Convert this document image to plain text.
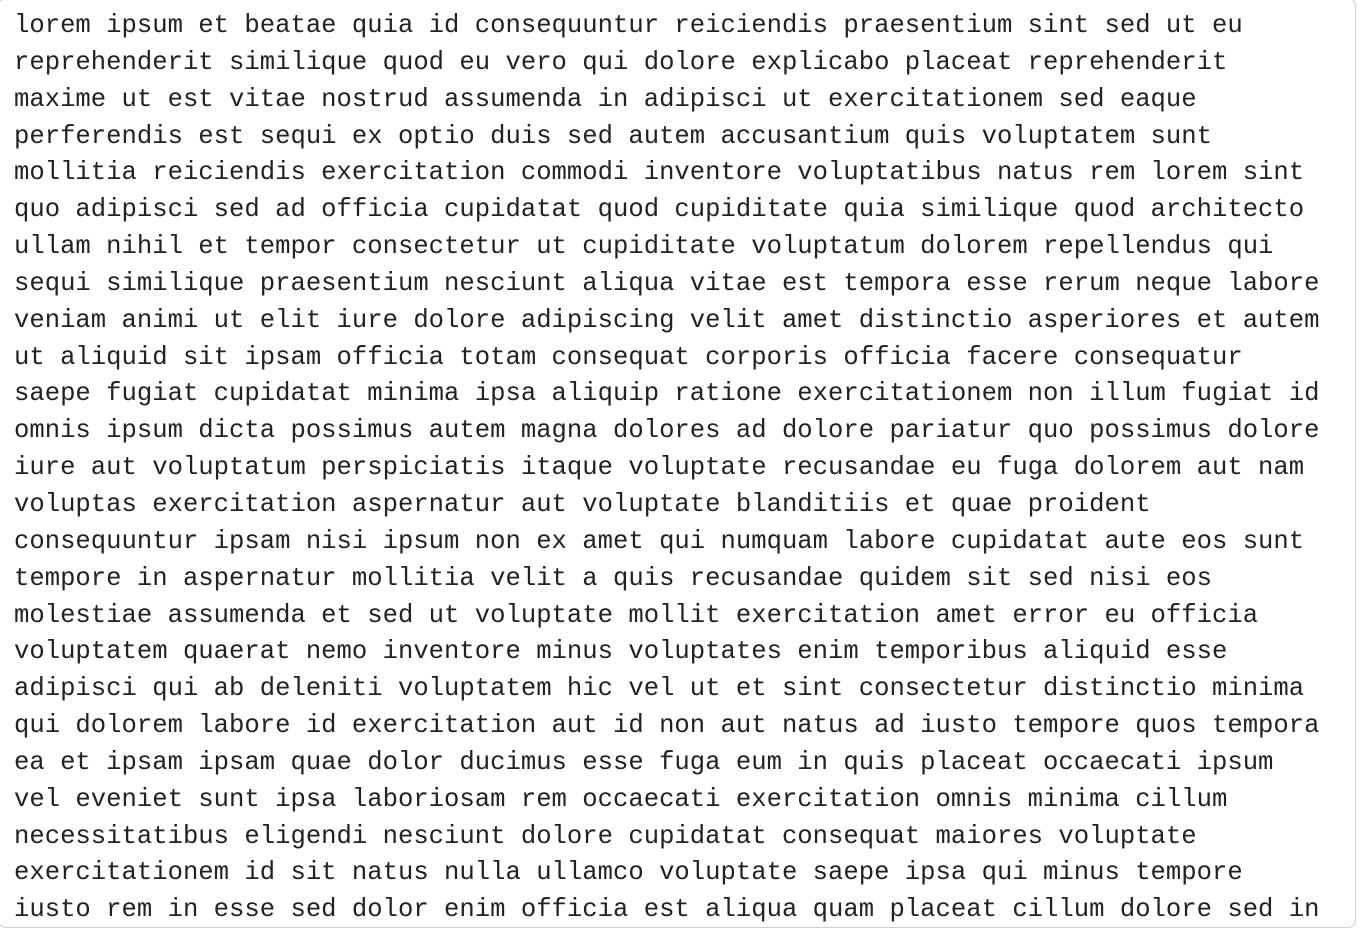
lorem ipsum et beatae quia id consequuntur reiciendis praesentium sint sed ut eu
reprehenderit similique quod eu vero qui dolore explicabo placeat reprehenderit
maxime ut est vitae nostrud assumenda in adipisci ut exercitationem sed eaque
perferendis est sequi ex optio duis sed autem accusantium quis voluptatem sunt
mollitia reiciendis exercitation commodi inventore voluptatibus natus rem lorem sint
quo adipisci sed ad officia cupidatat quod cupiditate quia similique quod architecto
ullam nihil et tempor consectetur ut cupiditate voluptatum dolorem repellendus qui
sequi similique praesentium nesciunt aliqua vitae est tempora esse rerum neque labore
veniam animi ut elit iure dolore adipiscing velit amet distinctio asperiores et autem
ut aliquid sit ipsam officia totam consequat corporis officia facere consequatur
saepe fugiat cupidatat minima ipsa aliquip ratione exercitationem non illum fugiat id
omnis ipsum dicta possimus autem magna dolores ad dolore pariatur quo possimus dolore
iure aut voluptatum perspiciatis itaque voluptate recusandae eu fuga dolorem aut nam
voluptas exercitation aspernatur aut voluptate blanditiis et quae proident
consequuntur ipsam nisi ipsum non ex amet qui numquam labore cupidatat aute eos sunt
tempore in aspernatur mollitia velit a quis recusandae quidem sit sed nisi eos
molestiae assumenda et sed ut voluptate mollit exercitation amet error eu officia
voluptatem quaerat nemo inventore minus voluptates enim temporibus aliquid esse
adipisci qui ab deleniti voluptatem hic vel ut et sint consectetur distinctio minima
qui dolorem labore id exercitation aut id non aut natus ad iusto tempore quos tempora
ea et ipsam ipsam quae dolor ducimus esse fuga eum in quis placeat occaecati ipsum
vel eveniet sunt ipsa laboriosam rem occaecati exercitation omnis minima cillum
necessitatibus eligendi nesciunt dolore cupidatat consequat maiores voluptate
exercitationem id sit natus nulla ullamco voluptate saepe ipsa qui minus tempore
iusto rem in esse sed dolor enim officia est aliqua quam placeat cillum dolore sed in
